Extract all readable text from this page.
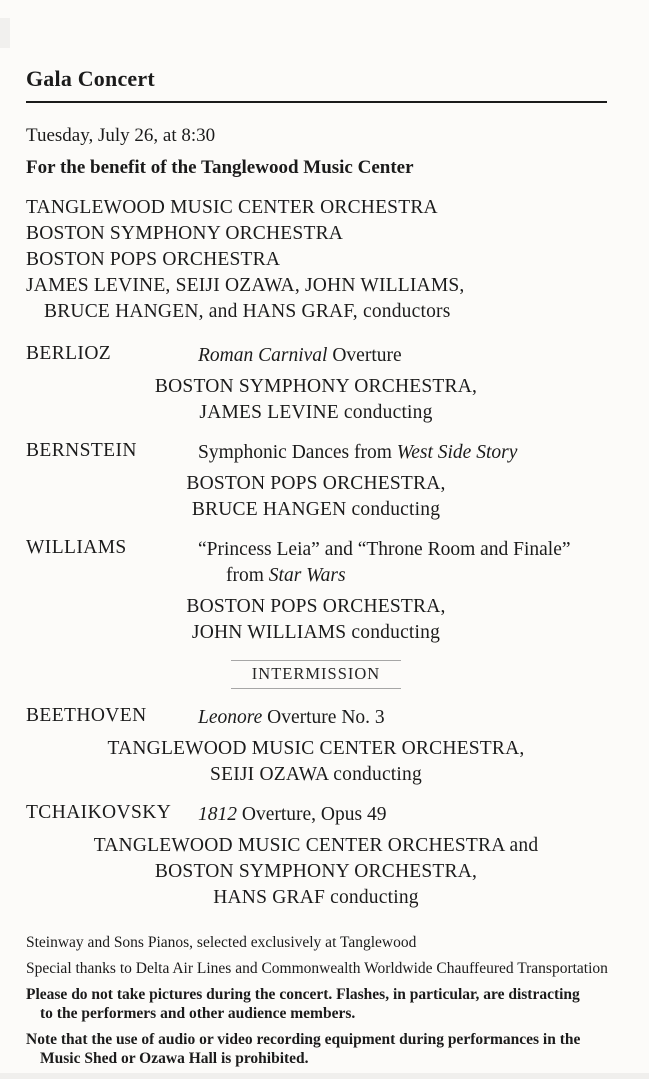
Gala Concert
Tuesday, July 26, at 8:30
For the benefit of the Tanglewood Music Center
TANGLEWOOD MUSIC CENTER ORCHESTRA
BOSTON SYMPHONY ORCHESTRA
BOSTON POPS ORCHESTRA
JAMES LEVINE, SEIJI OZAWA, JOHN WILLIAMS,
BRUCE HANGEN, and HANS GRAF, conductors
BERLIOZ	Roman Carnival Overture
BOSTON SYMPHONY ORCHESTRA,
JAMES LEVINE conducting
BERNSTEIN	Symphonic Dances from West Side Story
BOSTON POPS ORCHESTRA,
BRUCE HANGEN conducting
WILLIAMS	“Princess Leia” and “Throne Room and Finale”
from Star Wars
BOSTON POPS ORCHESTRA,
JOHN WILLIAMS conducting
INTERMISSION
BEETHOVEN	Leonore Overture No. 3
TANGLEWOOD MUSIC CENTER ORCHESTRA,
SEIJI OZAWA conducting
TCHAIKOVSKY	1812 Overture, Opus 49
TANGLEWOOD MUSIC CENTER ORCHESTRA and
BOSTON SYMPHONY ORCHESTRA,
HANS GRAF conducting
Steinway and Sons Pianos, selected exclusively at Tanglewood
Special thanks to Delta Air Lines and Commonwealth Worldwide Chauffeured Transportation
Please do not take pictures during the concert. Flashes, in particular, are distracting
to the performers and other audience members.
Note that the use of audio or video recording equipment during performances in the
Music Shed or Ozawa Hall is prohibited.
